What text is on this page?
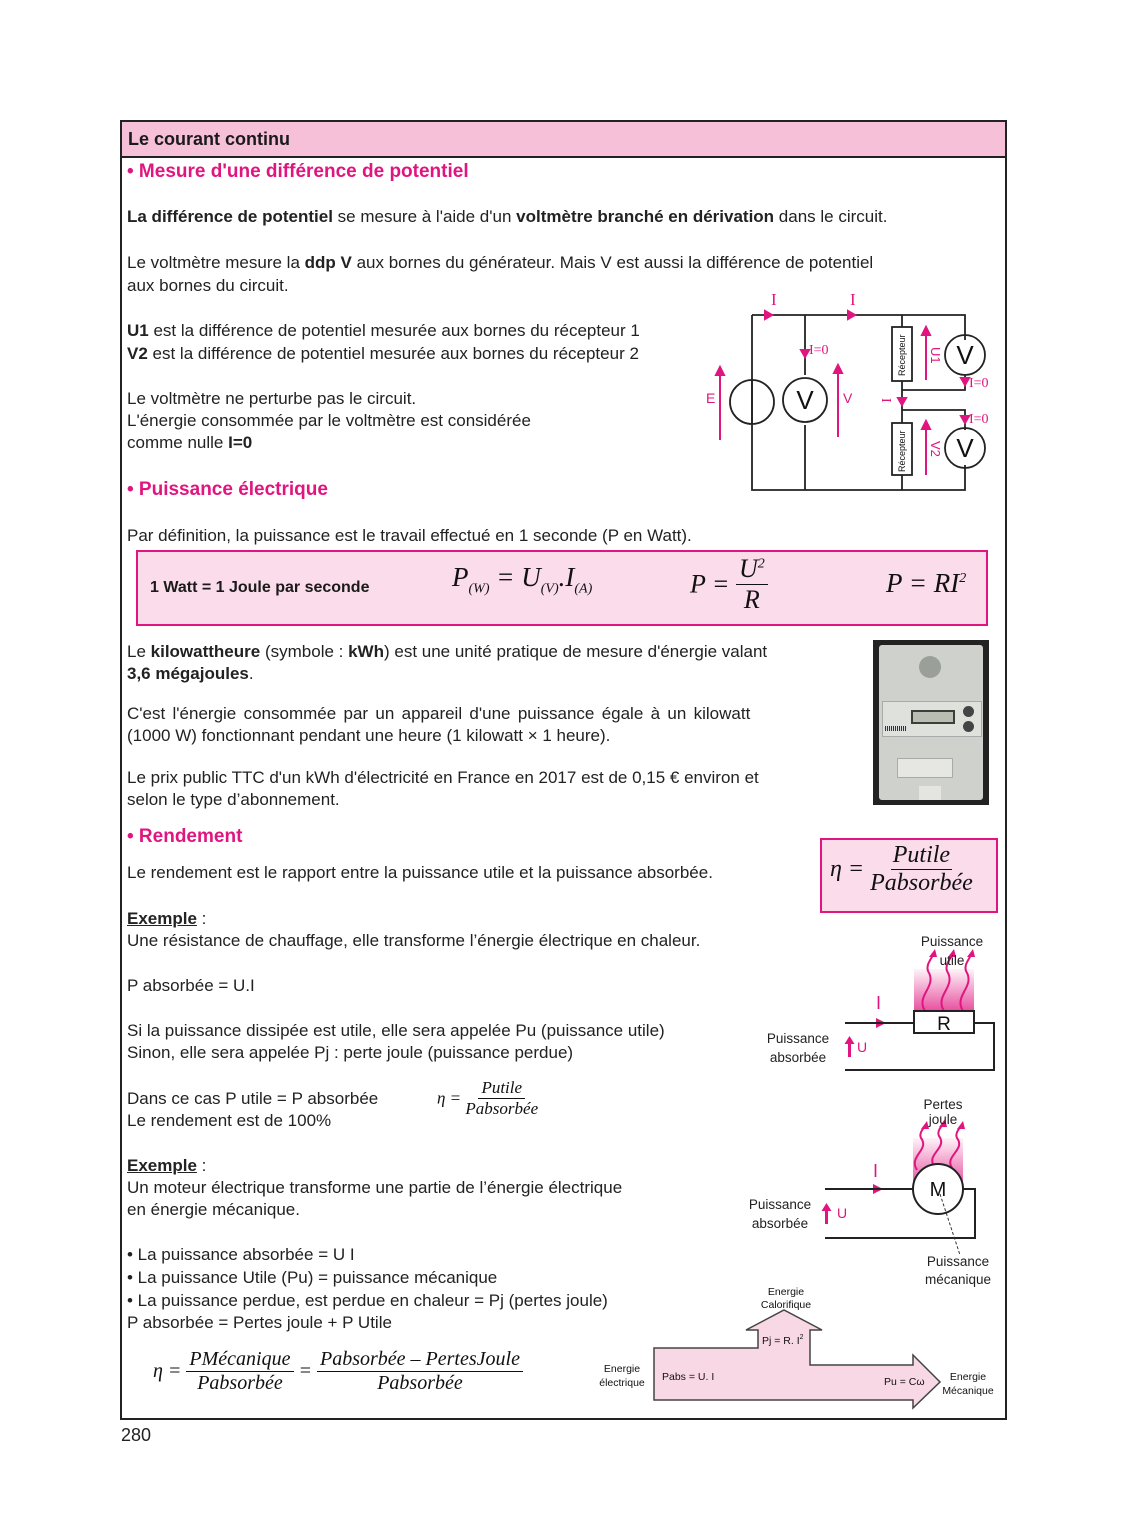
Le courant continu
• Mesure d'une différence de potentiel
La différence de potentiel se mesure à l'aide d'un voltmètre branché en dérivation dans le circuit.
Le voltmètre mesure la ddp V aux bornes du générateur. Mais V est aussi la différence de potentiel
aux bornes du circuit.
U1 est la différence de potentiel mesurée aux bornes du récepteur 1
V2 est la différence de potentiel mesurée aux bornes du récepteur 2
Le voltmètre ne perturbe pas le circuit.
L'énergie consommée par le voltmètre est considérée
comme nulle I=0
I	I
I=0
I=0
I=0
E	V
U1
V2
I
V
V
V
Récepteur
Récepteur
• Puissance électrique
Par définition, la puissance est le travail effectué en 1 seconde (P en Watt).
1 Watt = 1 Joule par seconde	$P_{(W)} = U_{(V)}.I_{(A)}$	$P = \frac{U^2}{R}$	$P = RI^2$
Le kilowattheure (symbole : kWh) est une unité pratique de mesure d'énergie valant
3,6 mégajoules.
C'est l'énergie consommée par un appareil d'une puissance égale à un kilowatt
(1000 W) fonctionnant pendant une heure (1 kilowatt × 1 heure).
Le prix public TTC d'un kWh d'électricité en France en 2017 est de 0,15 € environ et
selon le type d’abonnement.
• Rendement
Le rendement est le rapport entre la puissance utile et la puissance absorbée.	$\eta = \frac{\text{Putile}}{\text{Pabsorbée}}$
Exemple :
Une résistance de chauffage, elle transforme l’énergie électrique en chaleur.
P absorbée = U.I
Si la puissance dissipée est utile, elle sera appelée Pu (puissance utile)
Sinon, elle sera appelée Pj : perte joule (puissance perdue)
Dans ce cas P utile = P absorbée
Le rendement est de 100%
$\eta = \frac{\text{Putile}}{\text{Pabsorbée}}$
Puissance
utile
Puissance
absorbée
R
I
U
Exemple :
Un moteur électrique transforme une partie de l’énergie électrique
en énergie mécanique.
• La puissance absorbée = U I
• La puissance Utile (Pu) = puissance mécanique
• La puissance perdue, est perdue en chaleur = Pj (pertes joule)
P absorbée = Pertes joule + P Utile
Pertes
joule
Puissance
absorbée
Puissance
mécanique
M
I
U
$\eta = \frac{\text{PMécanique}}{\text{Pabsorbée}} = \frac{\text{Pabsorbée – PertesJoule}}{\text{Pabsorbée}}$
Energie
Calorifique
Pj = R. $I^2$
Energie
électrique Pabs = U. I	Pu = Cω Energie
Mécanique
280
